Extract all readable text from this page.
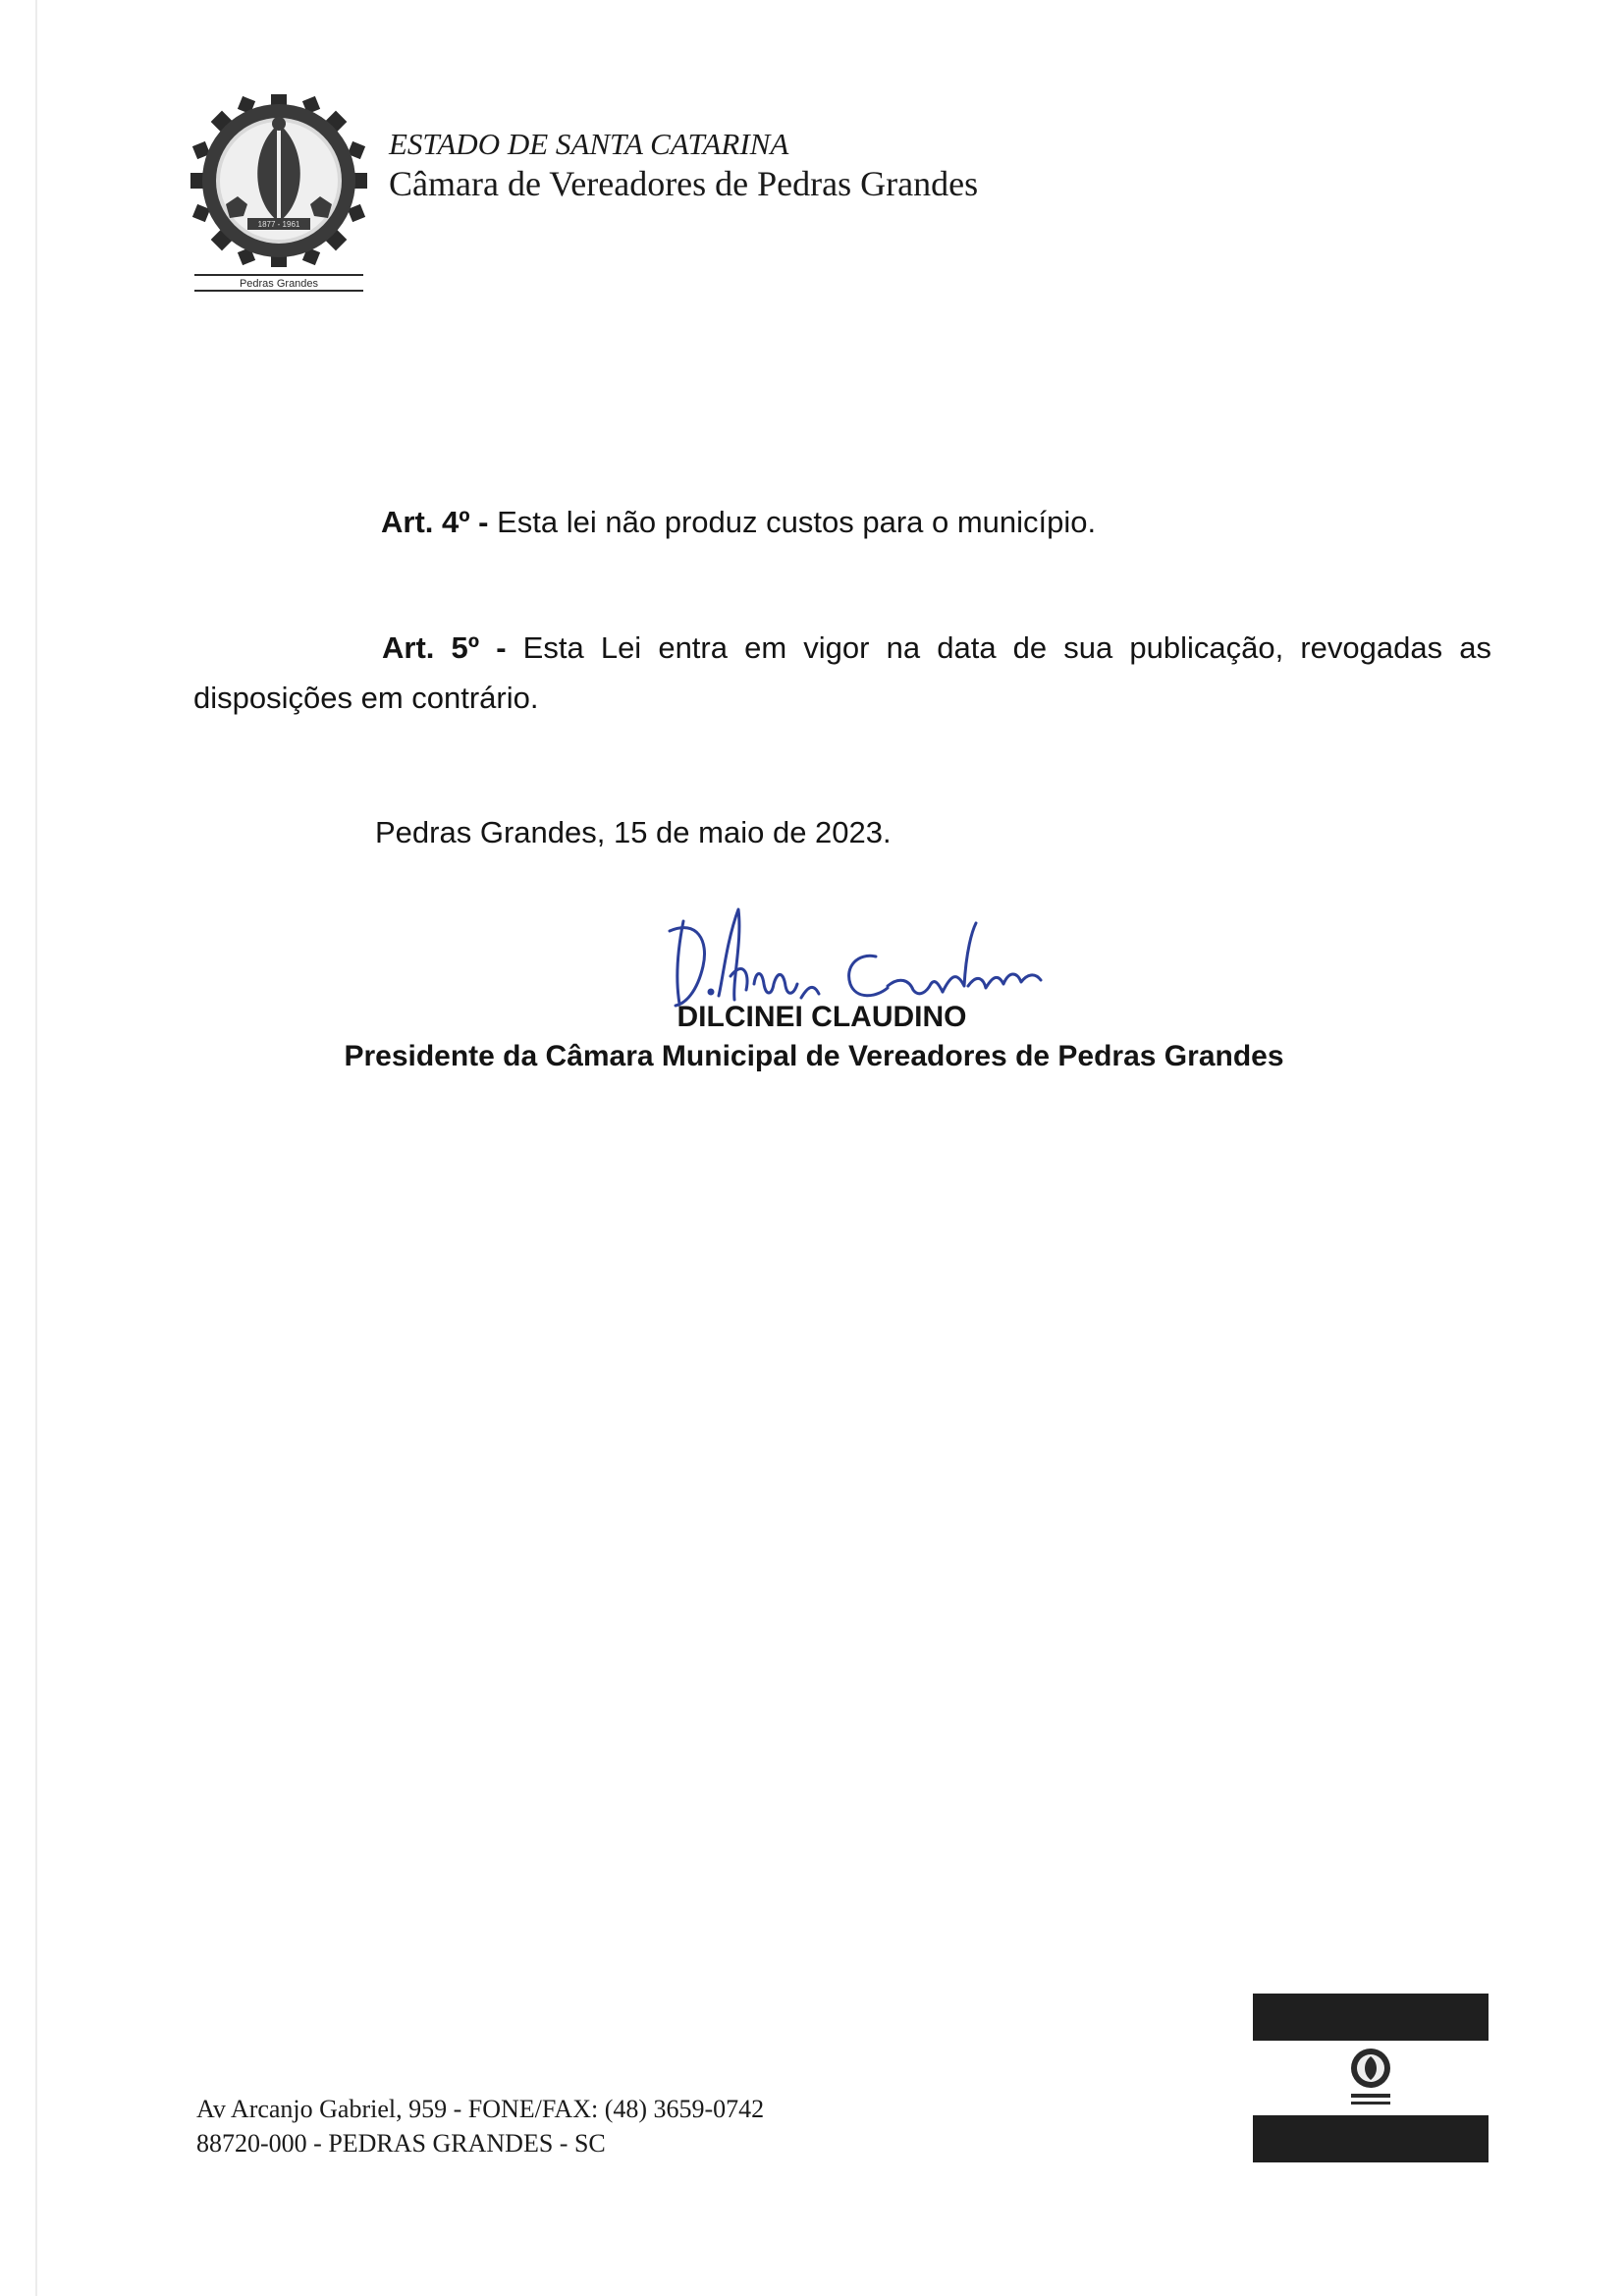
1877 - 1961
Pedras Grandes
ESTADO DE SANTA CATARINA
Câmara de Vereadores de Pedras Grandes
Art. 4º - Esta lei não produz custos para o município.
Art. 5º - Esta Lei entra em vigor na data de sua publicação, revogadas as disposições em contrário.
Pedras Grandes, 15 de maio de 2023.
DILCINEI CLAUDINO
Presidente da Câmara Municipal de Vereadores de Pedras Grandes
Av Arcanjo Gabriel, 959 - FONE/FAX: (48) 3659-0742
88720-000 - PEDRAS GRANDES - SC
